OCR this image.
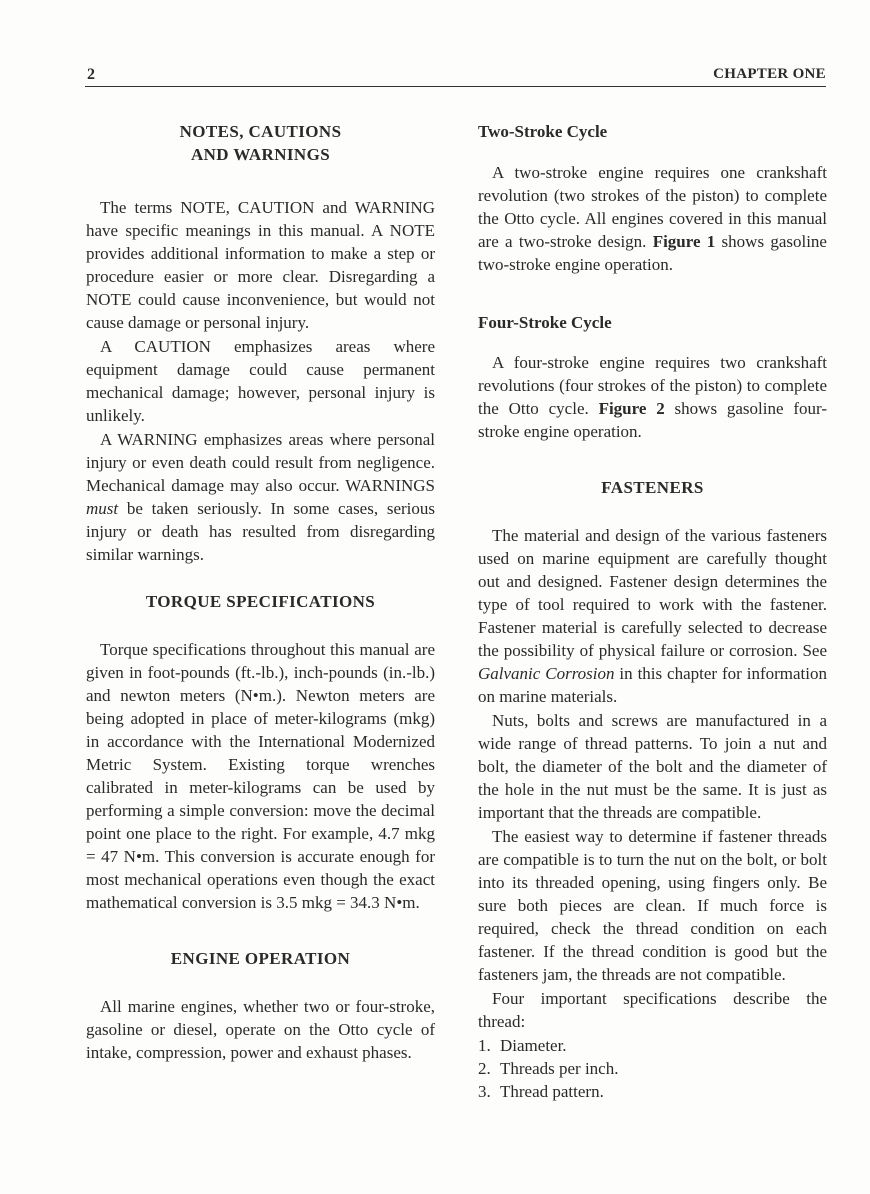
2	CHAPTER ONE
NOTES, CAUTIONS
AND WARNINGS

The terms NOTE, CAUTION and WARNING have specific meanings in this manual. A NOTE provides additional information to make a step or procedure easier or more clear. Disregarding a NOTE could cause inconvenience, but would not cause damage or personal injury.

A CAUTION emphasizes areas where equipment damage could cause permanent mechanical damage; however, personal injury is unlikely.

A WARNING emphasizes areas where personal injury or even death could result from negligence. Mechanical damage may also occur. WARNINGS must be taken seriously. In some cases, serious injury or death has resulted from disregarding similar warnings.

TORQUE SPECIFICATIONS

Torque specifications throughout this manual are given in foot-pounds (ft.-lb.), inch-pounds (in.-lb.) and newton meters (N•m.). Newton meters are being adopted in place of meter-kilograms (mkg) in accordance with the International Modernized Metric System. Existing torque wrenches calibrated in meter-kilograms can be used by performing a simple conversion: move the decimal point one place to the right. For example, 4.7 mkg = 47 N•m. This conversion is accurate enough for most mechanical operations even though the exact mathematical conversion is 3.5 mkg = 34.3 N•m.

ENGINE OPERATION

All marine engines, whether two or four-stroke, gasoline or diesel, operate on the Otto cycle of intake, compression, power and exhaust phases.

Two-Stroke Cycle

A two-stroke engine requires one crankshaft revolution (two strokes of the piston) to complete the Otto cycle. All engines covered in this manual are a two-stroke design. Figure 1 shows gasoline two-stroke engine operation.

Four-Stroke Cycle

A four-stroke engine requires two crankshaft revolutions (four strokes of the piston) to complete the Otto cycle. Figure 2 shows gasoline four-stroke engine operation.

FASTENERS

The material and design of the various fasteners used on marine equipment are carefully thought out and designed. Fastener design determines the type of tool required to work with the fastener. Fastener material is carefully selected to decrease the possibility of physical failure or corrosion. See Galvanic Corrosion in this chapter for information on marine materials.

Nuts, bolts and screws are manufactured in a wide range of thread patterns. To join a nut and bolt, the diameter of the bolt and the diameter of the hole in the nut must be the same. It is just as important that the threads are compatible.

The easiest way to determine if fastener threads are compatible is to turn the nut on the bolt, or bolt into its threaded opening, using fingers only. Be sure both pieces are clean. If much force is required, check the thread condition on each fastener. If the thread condition is good but the fasteners jam, the threads are not compatible.

Four important specifications describe the thread:

1. Diameter.
2. Threads per inch.
3. Thread pattern.
